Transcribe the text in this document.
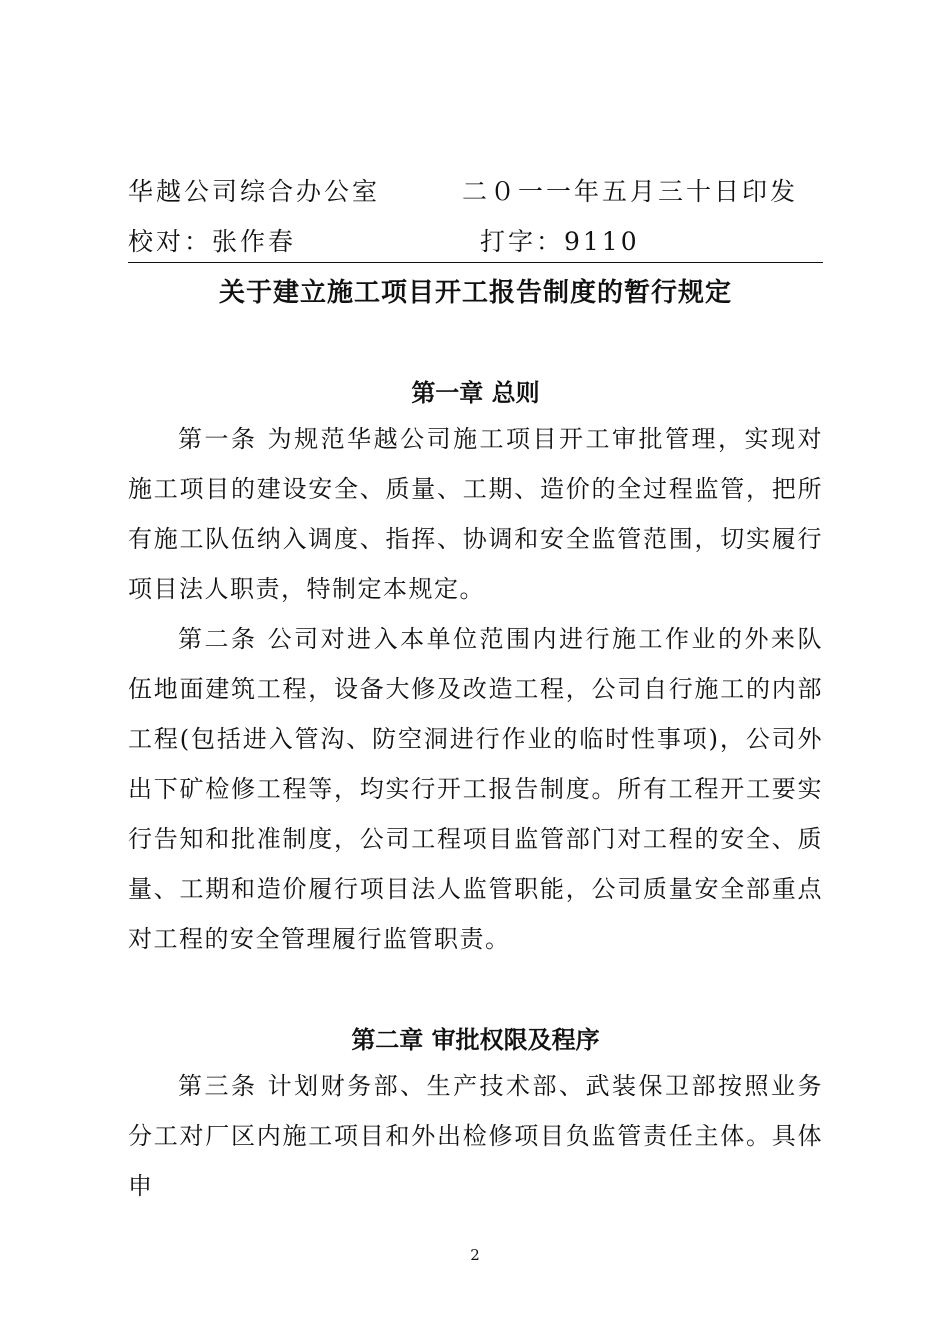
华越公司综合办公室	二０一一年五月三十日印发
校对：张作春	打字：9110
关于建立施工项目开工报告制度的暂行规定
第一章 总则
第一条 为规范华越公司施工项目开工审批管理，实现对施工项目的建设安全、质量、工期、造价的全过程监管，把所有施工队伍纳入调度、指挥、协调和安全监管范围，切实履行项目法人职责，特制定本规定。
第二条 公司对进入本单位范围内进行施工作业的外来队伍地面建筑工程，设备大修及改造工程，公司自行施工的内部工程(包括进入管沟、防空洞进行作业的临时性事项)，公司外出下矿检修工程等，均实行开工报告制度。所有工程开工要实行告知和批准制度，公司工程项目监管部门对工程的安全、质量、工期和造价履行项目法人监管职能，公司质量安全部重点对工程的安全管理履行监管职责。
第二章 审批权限及程序
第三条 计划财务部、生产技术部、武装保卫部按照业务分工对厂区内施工项目和外出检修项目负监管责任主体。具体申
2
